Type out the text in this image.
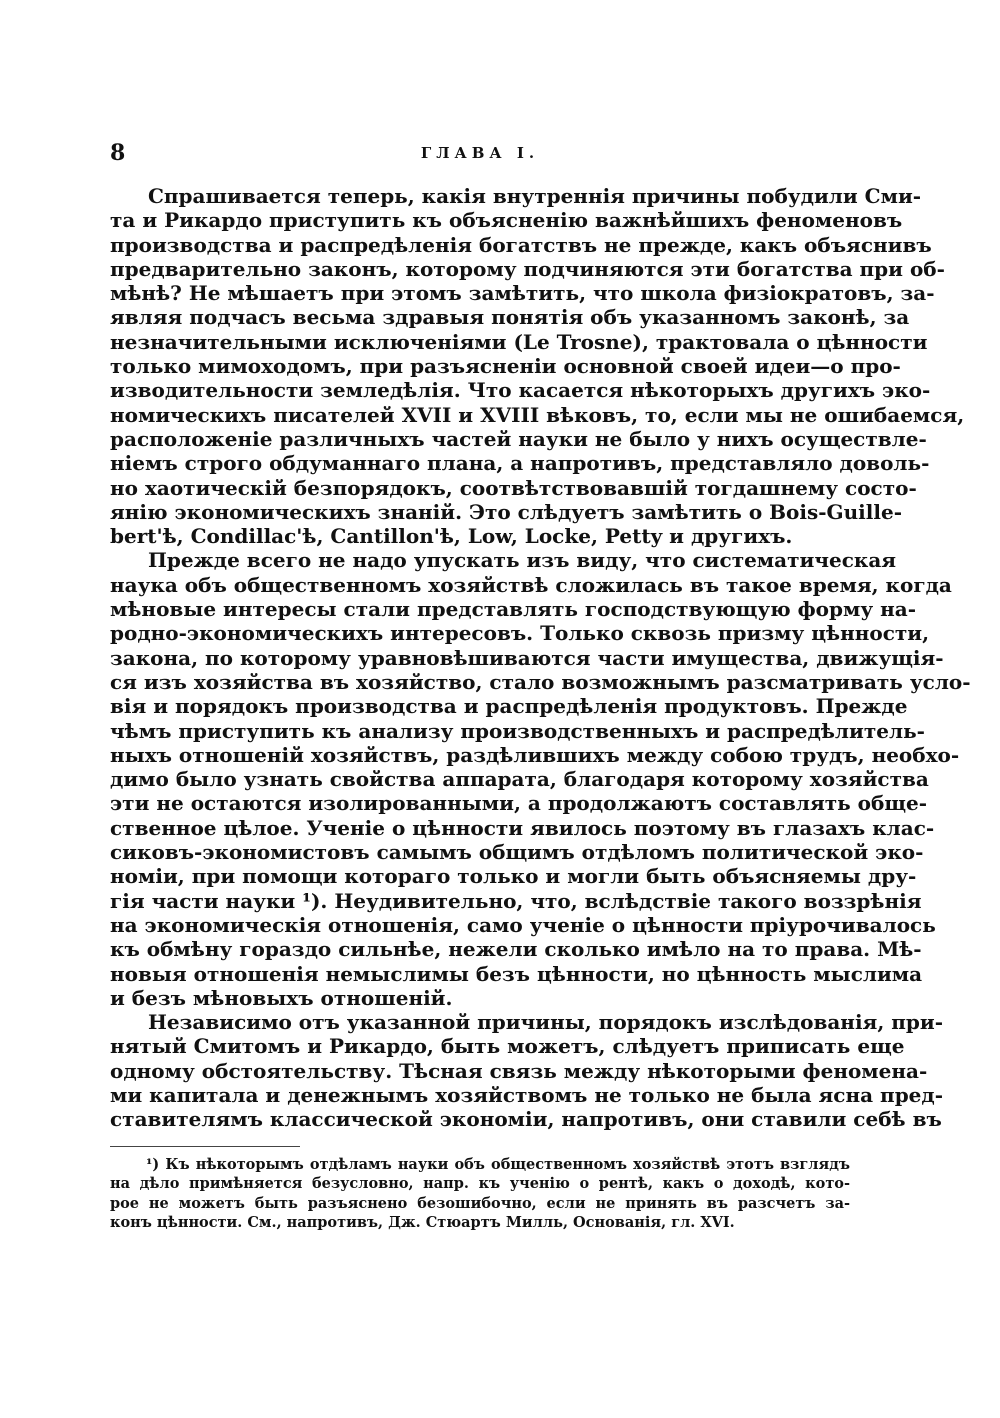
8	ГЛАВА I.

Спрашивается теперь, какія внутреннія причины побудили Сми-
та и Рикардо приступить къ объясненію важнѣйшихъ феноменовъ
производства и распредѣленія богатствъ не прежде, какъ объяснивъ
предварительно законъ, которому подчиняются эти богатства при об-
мѣнѣ? Не мѣшаетъ при этомъ замѣтить, что школа физіократовъ, за-
являя подчасъ весьма здравыя понятія объ указанномъ законѣ, за
незначительными исключеніями (Le Trosne), трактовала о цѣнности
только мимоходомъ, при разъясненіи основной своей идеи—о про-
изводительности земледѣлія. Что касается нѣкоторыхъ другихъ эко-
номическихъ писателей XVII и XVIII вѣковъ, то, если мы не ошибаемся,
расположеніе различныхъ частей науки не было у нихъ осуществле-
ніемъ строго обдуманнаго плана, а напротивъ, представляло доволь-
но хаотическій безпорядокъ, соотвѣтствовавшій тогдашнему состо-
янію экономическихъ знаній. Это слѣдуетъ замѣтить о Bois-Guille-
bert'ѣ, Condillac'ѣ, Cantillon'ѣ, Low, Locke, Petty и другихъ.

Прежде всего не надо упускать изъ виду, что систематическая
наука объ общественномъ хозяйствѣ сложилась въ такое время, когда
мѣновые интересы стали представлять господствующую форму на-
родно-экономическихъ интересовъ. Только сквозь призму цѣнности,
закона, по которому уравновѣшиваются части имущества, движущія-
ся изъ хозяйства въ хозяйство, стало возможнымъ разсматривать усло-
вія и порядокъ производства и распредѣленія продуктовъ. Прежде
чѣмъ приступить къ анализу производственныхъ и распредѣлитель-
ныхъ отношеній хозяйствъ, раздѣлившихъ между собою трудъ, необхо-
димо было узнать свойства аппарата, благодаря которому хозяйства
эти не остаются изолированными, а продолжаютъ составлять обще-
ственное цѣлое. Ученіе о цѣнности явилось поэтому въ глазахъ клас-
сиковъ-экономистовъ самымъ общимъ отдѣломъ политической эко-
номіи, при помощи котораго только и могли быть объясняемы дру-
гія части науки ¹). Неудивительно, что, вслѣдствіе такого воззрѣнія
на экономическія отношенія, само ученіе о цѣнности пріурочивалось
къ обмѣну гораздо сильнѣе, нежели сколько имѣло на то права. Мѣ-
новыя отношенія немыслимы безъ цѣнности, но цѣнность мыслима
и безъ мѣновыхъ отношеній.

Независимо отъ указанной причины, порядокъ изслѣдованія, при-
нятый Смитомъ и Рикардо, быть можетъ, слѣдуетъ приписать еще
одному обстоятельству. Тѣсная связь между нѣкоторыми феномена-
ми капитала и денежнымъ хозяйствомъ не только не была ясна пред-
ставителямъ классической экономіи, напротивъ, они ставили себѣ въ

¹) Къ нѣкоторымъ отдѣламъ науки объ общественномъ хозяйствѣ этотъ взглядъ
на дѣло примѣняется безусловно, напр. къ ученію о рентѣ, какъ о доходѣ, кото-
рое не можетъ быть разъяснено безошибочно, если не принять въ разсчетъ за-
конъ цѣнности. См., напротивъ, Дж. Стюартъ Милль, Основанія, гл. XVI.
